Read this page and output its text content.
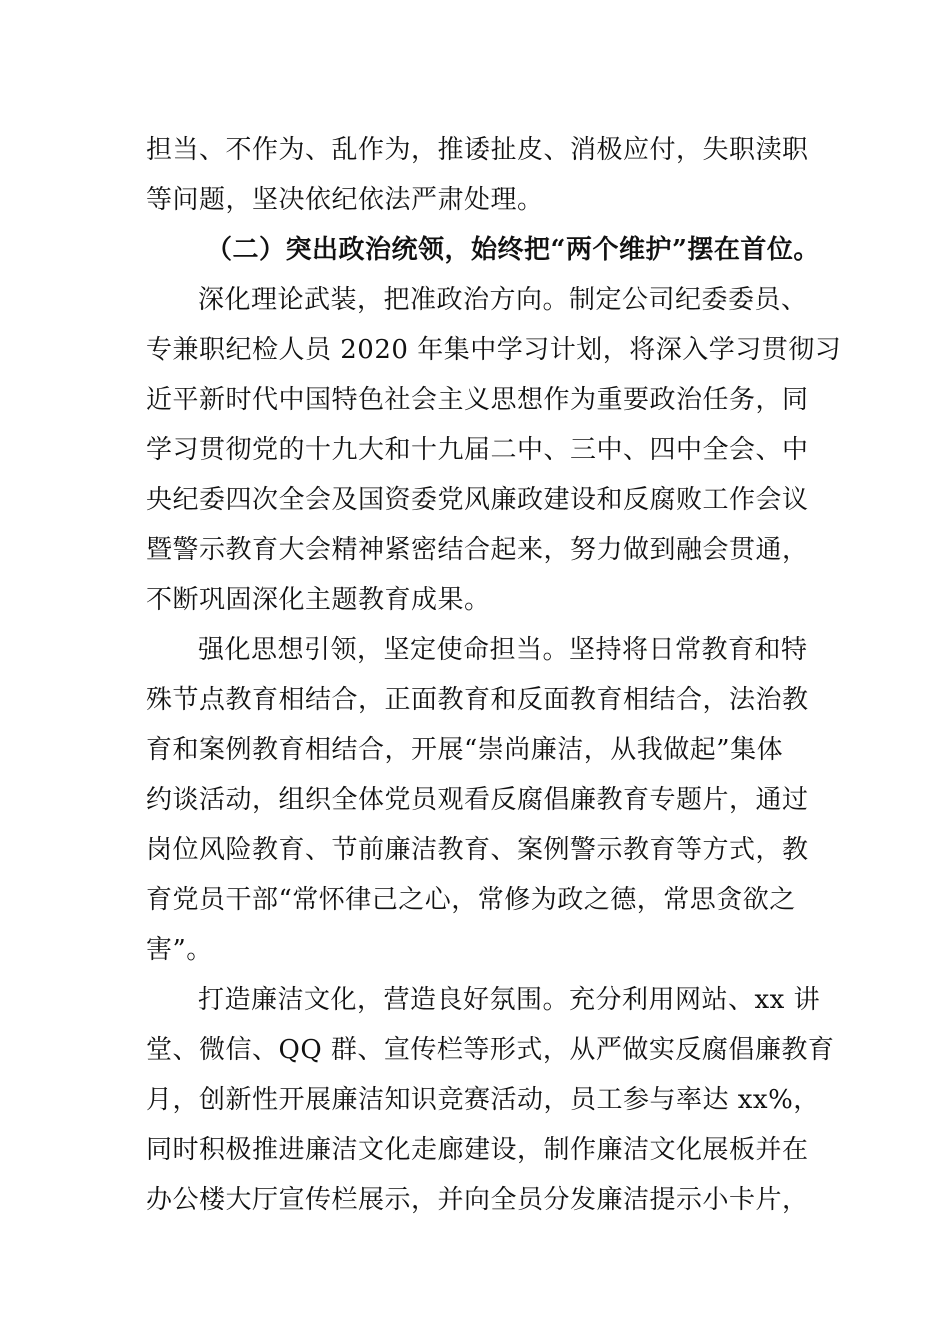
担当、不作为、乱作为，推诿扯皮、消极应付，失职渎职
等问题，坚决依纪依法严肃处理。
（二）突出政治统领，始终把“两个维护”摆在首位。
深化理论武装，把准政治方向。制定公司纪委委员、
专兼职纪检人员 2020 年集中学习计划，将深入学习贯彻习
近平新时代中国特色社会主义思想作为重要政治任务，同
学习贯彻党的十九大和十九届二中、三中、四中全会、中
央纪委四次全会及国资委党风廉政建设和反腐败工作会议
暨警示教育大会精神紧密结合起来，努力做到融会贯通，
不断巩固深化主题教育成果。
强化思想引领，坚定使命担当。坚持将日常教育和特
殊节点教育相结合，正面教育和反面教育相结合，法治教
育和案例教育相结合，开展“崇尚廉洁，从我做起”集体
约谈活动，组织全体党员观看反腐倡廉教育专题片，通过
岗位风险教育、节前廉洁教育、案例警示教育等方式，教
育党员干部“常怀律己之心，常修为政之德，常思贪欲之
害”。
打造廉洁文化，营造良好氛围。充分利用网站、xx 讲
堂、微信、QQ 群、宣传栏等形式，从严做实反腐倡廉教育
月，创新性开展廉洁知识竞赛活动，员工参与率达 xx%，
同时积极推进廉洁文化走廊建设，制作廉洁文化展板并在
办公楼大厅宣传栏展示，并向全员分发廉洁提示小卡片，
